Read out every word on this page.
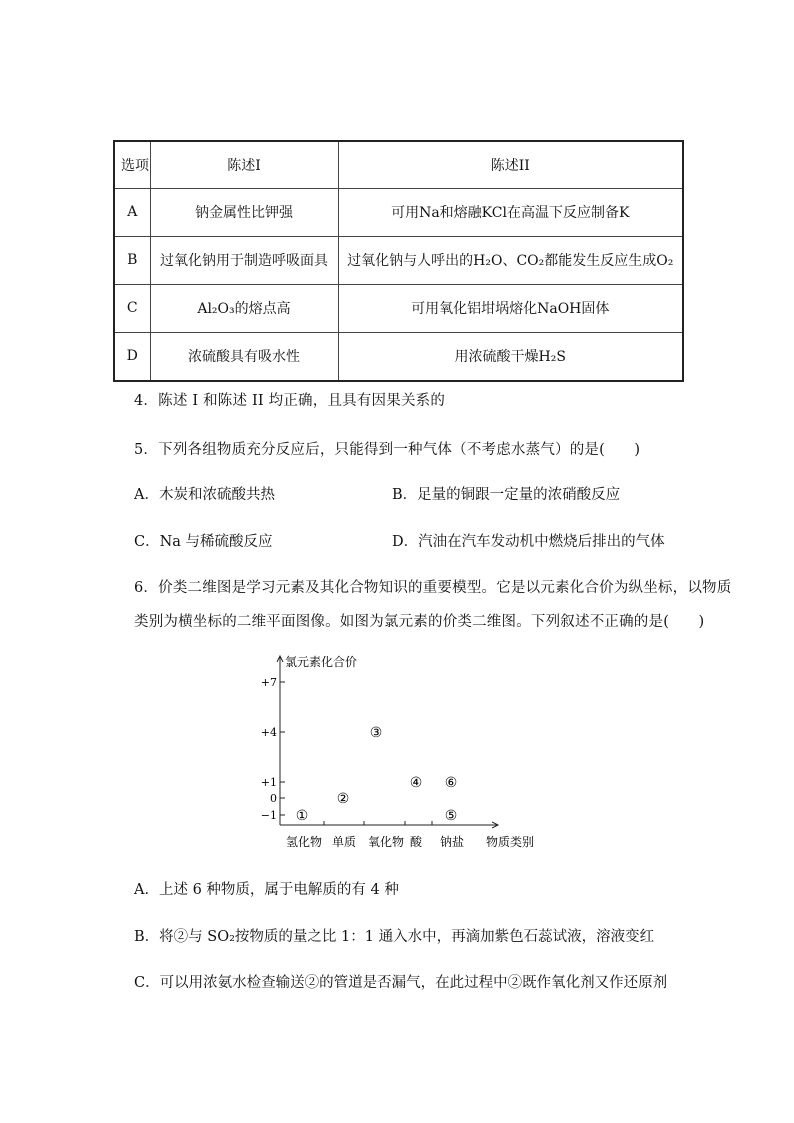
选项	陈述I	陈述II
A	钠金属性比钾强	可用Na和熔融KCl在高温下反应制备K
B	过氧化钠用于制造呼吸面具	过氧化钠与人呼出的H₂O、CO₂都能发生反应生成O₂
C	Al₂O₃的熔点高	可用氧化铝坩埚熔化NaOH固体
D	浓硫酸具有吸水性	用浓硫酸干燥H₂S
4．陈述 I 和陈述 II 均正确，且具有因果关系的
5．下列各组物质充分反应后，只能得到一种气体（不考虑水蒸气）的是(　　)
A．木炭和浓硫酸共热	B．足量的铜跟一定量的浓硝酸反应
C．Na 与稀硫酸反应	D．汽油在汽车发动机中燃烧后排出的气体
6．价类二维图是学习元素及其化合物知识的重要模型。它是以元素化合价为纵坐标，以物质
类别为横坐标的二维平面图像。如图为氯元素的价类二维图。下列叙述不正确的是(　　)
氯元素化合价
物质类别
+7
+4
+1
0
−1
氢化物 单质 氧化物 酸 钠盐
①
②
③
④
⑤
⑥
A．上述 6 种物质，属于电解质的有 4 种
B．将②与 SO₂按物质的量之比 1：1 通入水中，再滴加紫色石蕊试液，溶液变红
C．可以用浓氨水检查输送②的管道是否漏气，在此过程中②既作氧化剂又作还原剂
